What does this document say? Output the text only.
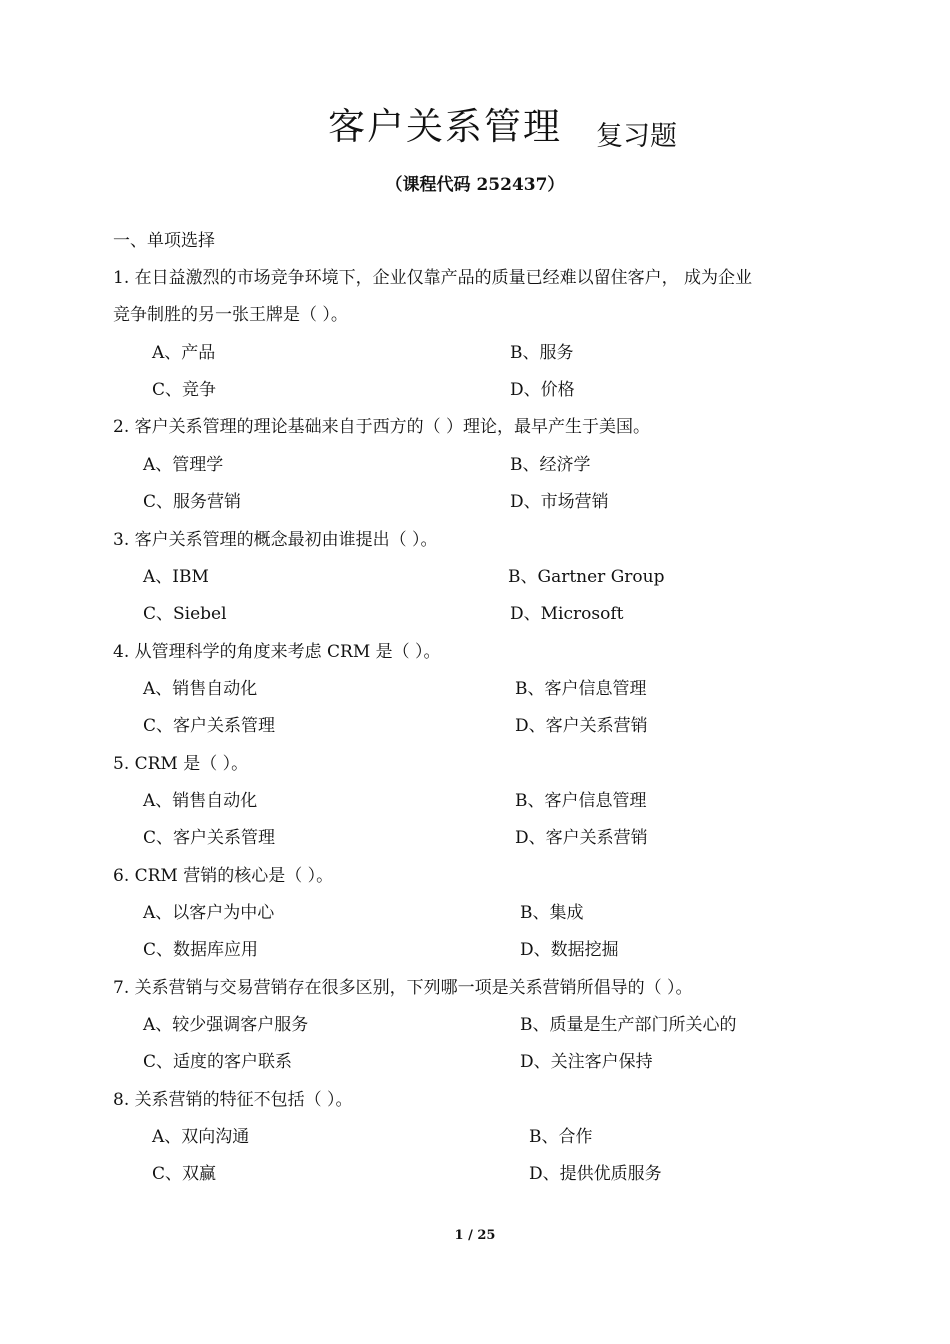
客户关系管理 复习题
（课程代码 252437）
一、单项选择
1. 在日益激烈的市场竞争环境下，企业仅靠产品的质量已经难以留住客户， 成为企业
竞争制胜的另一张王牌是（ ）。
A、产品	B、服务
C、竞争	D、价格
2. 客户关系管理的理论基础来自于西方的（ ）理论，最早产生于美国。
A、管理学	B、经济学
C、服务营销	D、市场营销
3. 客户关系管理的概念最初由谁提出（ ）。
A、IBM	B、Gartner Group
C、Siebel	D、Microsoft
4. 从管理科学的角度来考虑 CRM 是（ ）。
A、销售自动化	B、客户信息管理
C、客户关系管理	D、客户关系营销
5. CRM 是（ ）。
A、销售自动化	B、客户信息管理
C、客户关系管理	D、客户关系营销
6. CRM 营销的核心是（ ）。
A、以客户为中心	B、集成
C、数据库应用	D、数据挖掘
7. 关系营销与交易营销存在很多区别，下列哪一项是关系营销所倡导的（ ）。
A、较少强调客户服务	B、质量是生产部门所关心的
C、适度的客户联系	D、关注客户保持
8. 关系营销的特征不包括（ ）。
A、双向沟通	B、合作
C、双赢	D、提供优质服务
1 / 25
